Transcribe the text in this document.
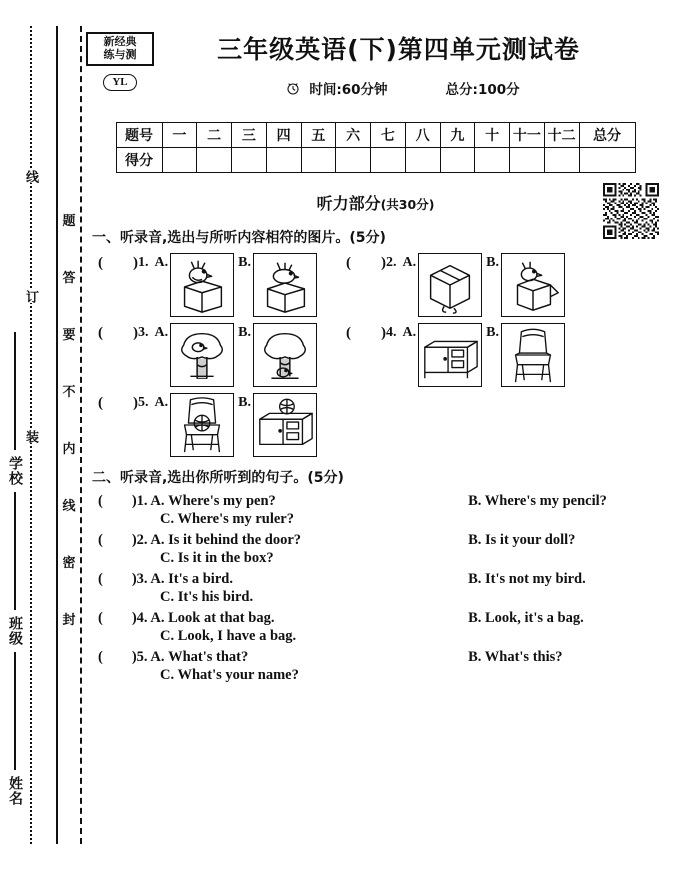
姓名
班级
学校
线
订
装
题
答
要
不
内
线
密
封
新经典
练与测
YL
三年级英语(下)第四单元测试卷
时间:60分钟	总分:100分
题号	一	二	三	四	五	六	七	八	九	十	十一	十二	总分
得分													
听力部分(共30分)
一、听录音,选出与所听内容相符的图片。(5分)
(        ) 1. A.	B.	(        ) 2. A.	B.
(        ) 3. A.	B.	(        ) 4. A.	B.
(        ) 5. A.	B.
二、听录音,选出你所听到的句子。(5分)
(        )1. A. Where's my pen?	B. Where's my pencil?
C. Where's my ruler?
(        )2. A. Is it behind the door?	B. Is it your doll?
C. Is it in the box?
(        )3. A. It's a bird.	B. It's not my bird.
C. It's his bird.
(        )4. A. Look at that bag.	B. Look, it's a bag.
C. Look, I have a bag.
(        )5. A. What's that?	B. What's this?
C. What's your name?
